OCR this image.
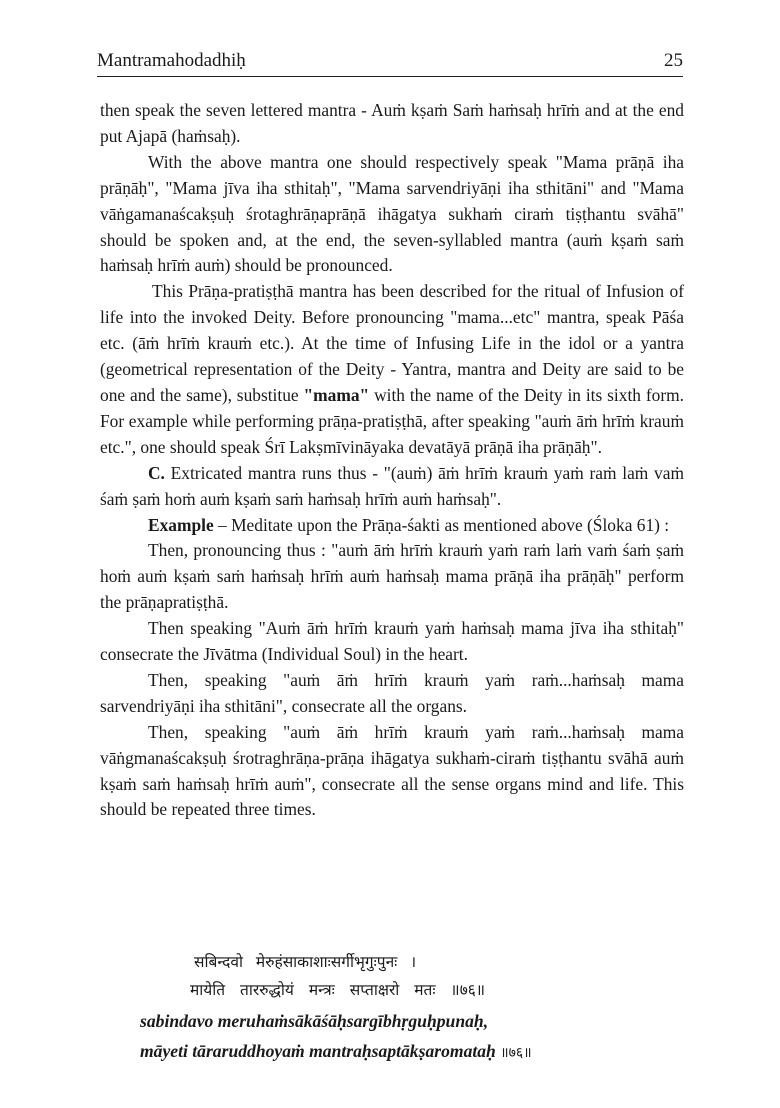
Mantramahodadhiḥ	25

then speak the seven lettered mantra - Auṁ kṣaṁ Saṁ haṁsaḥ hrīṁ and at the end put Ajapā (haṁsaḥ).

With the above mantra one should respectively speak "Mama prāṇā iha prāṇāḥ", "Mama jīva iha sthitaḥ", "Mama sarvendriyāṇi iha sthitāni" and "Mama vāṅgamanaścakṣuḥ śrotaghrāṇaprāṇā ihāgatya sukhaṁ ciraṁ tiṣṭhantu svāhā" should be spoken and, at the end, the seven-syllabled mantra (auṁ kṣaṁ saṁ haṁsaḥ hrīṁ auṁ) should be pronounced.

This Prāṇa-pratiṣṭhā mantra has been described for the ritual of Infusion of life into the invoked Deity. Before pronouncing "mama...etc" mantra, speak Pāśa etc. (āṁ hrīṁ krauṁ etc.). At the time of Infusing Life in the idol or a yantra (geometrical representation of the Deity - Yantra, mantra and Deity are said to be one and the same), substitue "mama" with the name of the Deity in its sixth form. For example while performing prāṇa-pratiṣṭhā, after speaking "auṁ āṁ hrīṁ krauṁ etc.", one should speak Śrī Lakṣmīvināyaka devatāyā prāṇā iha prāṇāḥ".

C. Extricated mantra runs thus - "(auṁ) āṁ hrīṁ krauṁ yaṁ raṁ laṁ vaṁ śaṁ ṣaṁ hoṁ auṁ kṣaṁ saṁ haṁsaḥ hrīṁ auṁ haṁsaḥ".

Example – Meditate upon the Prāṇa-śakti as mentioned above (Śloka 61) :

Then, pronouncing thus : "auṁ āṁ hrīṁ krauṁ yaṁ raṁ laṁ vaṁ śaṁ ṣaṁ hoṁ auṁ kṣaṁ saṁ haṁsaḥ hrīṁ auṁ haṁsaḥ mama prāṇā iha prāṇāḥ" perform the prāṇapratiṣṭhā.

Then speaking "Auṁ āṁ hrīṁ krauṁ yaṁ haṁsaḥ mama jīva iha sthitaḥ" consecrate the Jīvātma (Individual Soul) in the heart.

Then, speaking "auṁ āṁ hrīṁ krauṁ yaṁ raṁ...haṁsaḥ mama sarvendriyāṇi iha sthitāni", consecrate all the organs.

Then, speaking "auṁ āṁ hrīṁ krauṁ yaṁ raṁ...haṁsaḥ mama vāṅgmanaścakṣuḥ śrotraghrāṇa-prāṇa ihāgatya sukhaṁ-ciraṁ tiṣṭhantu svāhā auṁ kṣaṁ saṁ haṁsaḥ hrīṁ auṁ", consecrate all the sense organs mind and life. This should be repeated three times.

सबिन्दवो मेरुहंसाकाशाःसर्गीभृगुःपुनः ।
मायेति ताररुद्धोयं मन्त्रः सप्ताक्षरो मतः ॥७६॥
sabindavo meruhaṁsākāśāḥsargībhṛguḥpunaḥ,
māyeti tāraruddhoyaṁ mantraḥsaptākṣaromataḥ ॥७६॥
